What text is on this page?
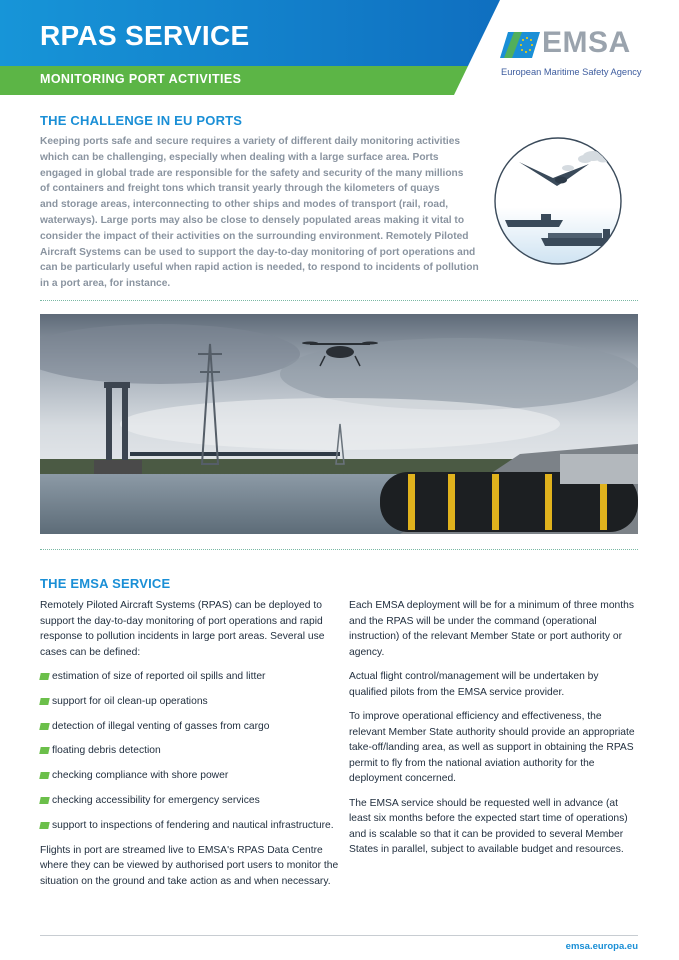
RPAS SERVICE
MONITORING PORT ACTIVITIES
EMSA
European Maritime Safety Agency
THE CHALLENGE IN EU PORTS
Keeping ports safe and secure requires a variety of different daily monitoring activities
which can be challenging, especially when dealing with a large surface area. Ports
engaged in global trade are responsible for the safety and security of the many millions
of containers and freight tons which transit yearly through the kilometers of quays
and storage areas, interconnecting to other ships and modes of transport (rail, road,
waterways). Large ports may also be close to densely populated areas making it vital to
consider the impact of their activities on the surrounding environment. Remotely Piloted
Aircraft Systems can be used to support the day-to-day monitoring of port operations and
can be particularly useful when rapid action is needed, to respond to incidents of pollution
in a port area, for instance.
THE EMSA SERVICE

Remotely Piloted Aircraft Systems (RPAS) can be deployed to support the day-to-day monitoring of port operations and rapid response to pollution incidents in large port areas. Several use cases can be defined:

estimation of size of reported oil spills and litter
support for oil clean-up operations
detection of illegal venting of gasses from cargo
floating debris detection
checking compliance with shore power
checking accessibility for emergency services
support to inspections of fendering and nautical infrastructure.

Flights in port are streamed live to EMSA's RPAS Data Centre where they can be viewed by authorised port users to monitor the situation on the ground and take action as and when necessary.

Each EMSA deployment will be for a minimum of three months and the RPAS will be under the command (operational instruction) of the relevant Member State or port authority or agency.

Actual flight control/management will be undertaken by qualified pilots from the EMSA service provider.

To improve operational efficiency and effectiveness, the relevant Member State authority should provide an appropriate take-off/landing area, as well as support in obtaining the RPAS permit to fly from the national aviation authority for the deployment concerned.

The EMSA service should be requested well in advance (at least six months before the expected start time of operations) and is scalable so that it can be provided to several Member States in parallel, subject to available budget and resources.

emsa.europa.eu
